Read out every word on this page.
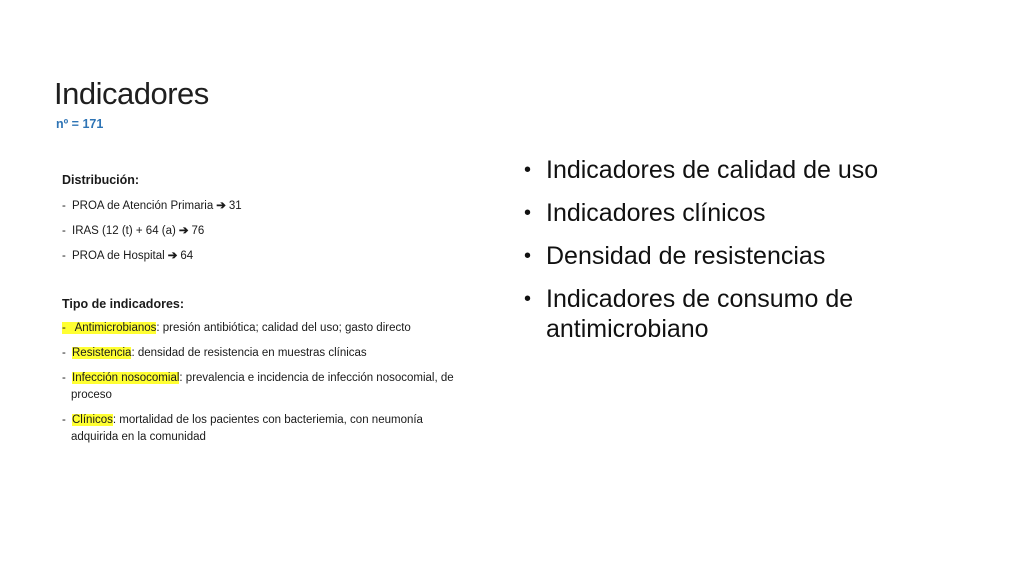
Indicadores
nº = 171
Distribución:
- PROA de Atención Primaria ➔ 31
- IRAS (12 (t) + 64 (a) ➔ 76
- PROA de Hospital ➔ 64
Tipo de indicadores:
- Antimicrobianos: presión antibiótica; calidad del uso; gasto directo
- Resistencia: densidad de resistencia en muestras clínicas
- Infección nosocomial: prevalencia e incidencia de infección nosocomial, de
proceso
- Clínicos: mortalidad de los pacientes con bacteriemia, con neumonía
adquirida en la comunidad
• Indicadores de calidad de uso
• Indicadores clínicos
• Densidad de resistencias
• Indicadores de consumo de antimicrobiano
